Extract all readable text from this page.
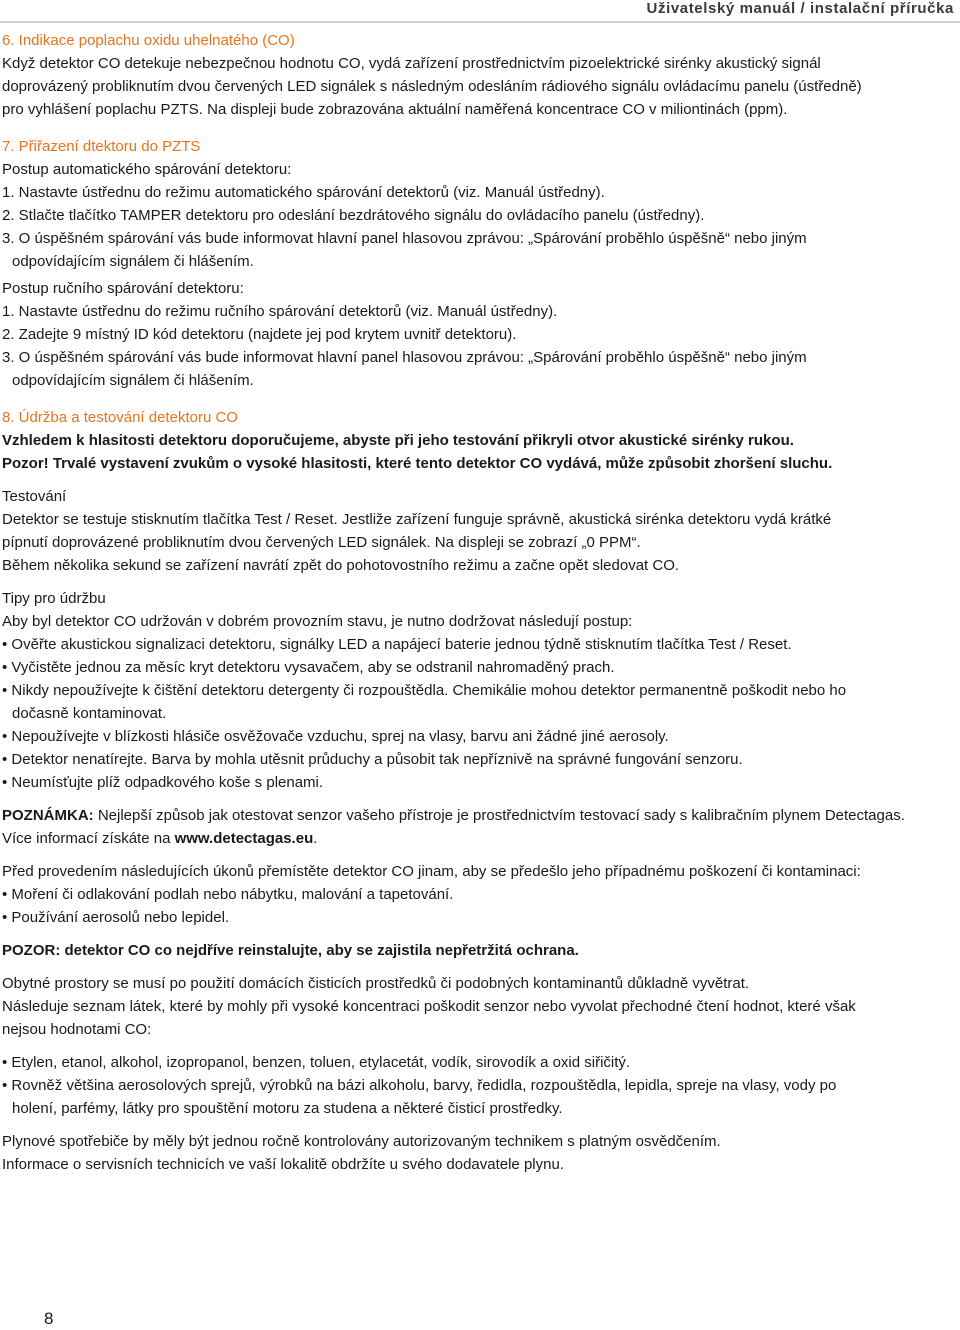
Uživatelský manuál / instalační příručka

6. Indikace poplachu oxidu uhelnatého (CO)

Když detektor CO detekuje nebezpečnou hodnotu CO, vydá zařízení prostřednictvím pizoelektrické sirénky akustický signál

doprovázený probliknutím dvou červených LED signálek s následným odesláním rádiového signálu ovládacímu panelu (ústředně)

pro vyhlášení poplachu PZTS. Na displeji bude zobrazována aktuální naměřená koncentrace CO v miliontinách (ppm).

7. Přiřazení dtektoru do PZTS

Postup automatického spárování detektoru:

1. Nastavte ústřednu do režimu automatického spárování detektorů (viz. Manuál ústředny).

2. Stlačte tlačítko TAMPER detektoru pro odeslání bezdrátového signálu do ovládacího panelu (ústředny).

3. O úspěšném spárování vás bude informovat hlavní panel hlasovou zprávou: „Spárování proběhlo úspěšně“ nebo jiným

odpovídajícím signálem či hlášením.

Postup ručního spárování detektoru:

1. Nastavte ústřednu do režimu ručního spárování detektorů (viz. Manuál ústředny).

2. Zadejte 9 místný ID kód detektoru (najdete jej pod krytem uvnitř detektoru).

3. O úspěšném spárování vás bude informovat hlavní panel hlasovou zprávou: „Spárování proběhlo úspěšně“ nebo jiným

odpovídajícím signálem či hlášením.

8. Údržba a testování detektoru CO

Vzhledem k hlasitosti detektoru doporučujeme, abyste při jeho testování přikryli otvor akustické sirénky rukou.

Pozor! Trvalé vystavení zvukům o vysoké hlasitosti, které tento detektor CO vydává, může způsobit zhoršení sluchu.

Testování

Detektor se testuje stisknutím tlačítka Test / Reset. Jestliže zařízení funguje správně, akustická sirénka detektoru vydá krátké

pípnutí doprovázené probliknutím dvou červených LED signálek. Na displeji se zobrazí „0 PPM“.

Během několika sekund se zařízení navrátí zpět do pohotovostního režimu a začne opět sledovat CO.

Tipy pro údržbu

Aby byl detektor CO udržován v dobrém provozním stavu, je nutno dodržovat následují postup:

• Ověřte akustickou signalizaci detektoru, signálky LED a napájecí baterie jednou týdně stisknutím tlačítka Test / Reset.

• Vyčistěte jednou za měsíc kryt detektoru vysavačem, aby se odstranil nahromaděný prach.

• Nikdy nepoužívejte k čištění detektoru detergenty či rozpouštědla. Chemikálie mohou detektor permanentně poškodit nebo ho

dočasně kontaminovat.

• Nepoužívejte v blízkosti hlásiče osvěžovače vzduchu, sprej na vlasy, barvu ani žádné jiné aerosoly.

• Detektor nenatírejte. Barva by mohla utěsnit průduchy a působit tak nepříznivě na správné fungování senzoru.

• Neumísťujte plíž odpadkového koše s plenami.

POZNÁMKA: Nejlepší způsob jak otestovat senzor vašeho přístroje je prostřednictvím testovací sady s kalibračním plynem Detectagas.

Více informací získáte na www.detectagas.eu.

Před provedením následujících úkonů přemístěte detektor CO jinam, aby se předešlo jeho případnému poškození či kontaminaci:

• Moření či odlakování podlah nebo nábytku, malování a tapetování.

• Používání aerosolů nebo lepidel.

POZOR: detektor CO co nejdříve reinstalujte, aby se zajistila nepřetržitá ochrana.

Obytné prostory se musí po použití domácích čisticích prostředků či podobných kontaminantů důkladně vyvětrat.

Následuje seznam látek, které by mohly při vysoké koncentraci poškodit senzor nebo vyvolat přechodné čtení hodnot, které však

nejsou hodnotami CO:

• Etylen, etanol, alkohol, izopropanol, benzen, toluen, etylacetát, vodík, sirovodík a oxid siřičitý.

• Rovněž většina aerosolových sprejů, výrobků na bázi alkoholu, barvy, ředidla, rozpouštědla, lepidla, spreje na vlasy, vody po

holení, parfémy, látky pro spouštění motoru za studena a některé čisticí prostředky.

Plynové spotřebiče by měly být jednou ročně kontrolovány autorizovaným technikem s platným osvědčením.

Informace o servisních technicích ve vaší lokalitě obdržíte u svého dodavatele plynu.

8
